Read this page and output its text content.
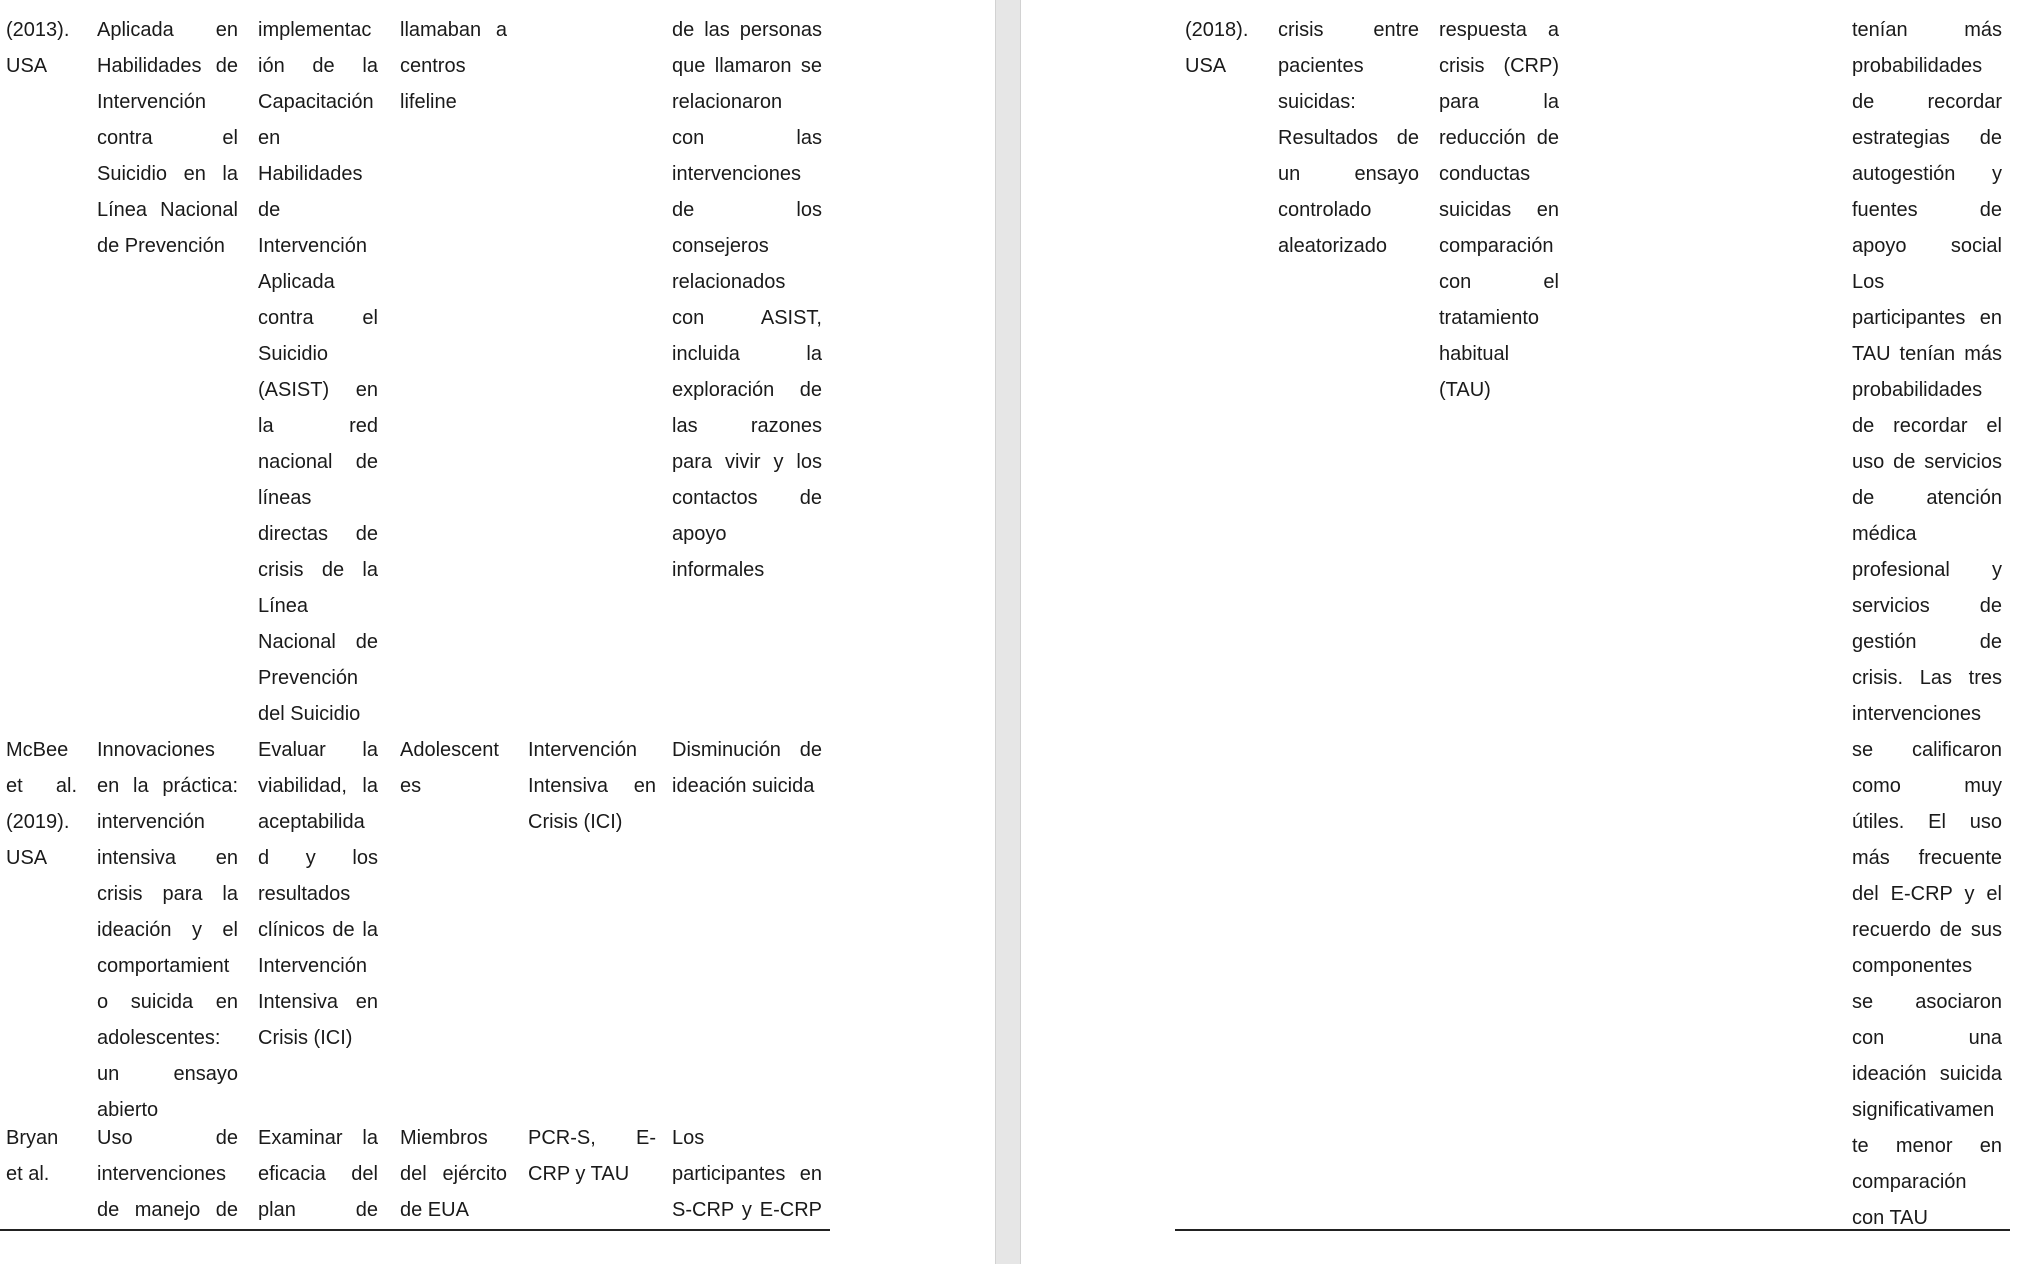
(2013).
USA
Aplicada en
Habilidades de
Intervención
contra el
Suicidio en la
Línea Nacional
de Prevención
implementac
ión de la
Capacitación
en
Habilidades
de
Intervención
Aplicada
contra el
Suicidio
(ASIST) en
la red
nacional de
líneas
directas de
crisis de la
Línea
Nacional de
Prevención
del Suicidio
llamaban a
centros
lifeline
de las personas
que llamaron se
relacionaron
con las
intervenciones
de los
consejeros
relacionados
con ASIST,
incluida la
exploración de
las razones
para vivir y los
contactos de
apoyo
informales
McBee
et al.
(2019).
USA
Innovaciones
en la práctica:
intervención
intensiva en
crisis para la
ideación y el
comportamient
o suicida en
adolescentes:
un ensayo
abierto
Evaluar la
viabilidad, la
aceptabilida
d y los
resultados
clínicos de la
Intervención
Intensiva en
Crisis (ICI)
Adolescent
es
Intervención
Intensiva en
Crisis (ICI)
Disminución de
ideación suicida
Bryan
et al.
Uso de
intervenciones
de manejo de
Examinar la
eficacia del
plan de
Miembros
del ejército
de EUA
PCR-S, E-
CRP y TAU
Los
participantes en
S-CRP y E-CRP
(2018).
USA
crisis entre
pacientes
suicidas:
Resultados de
un ensayo
controlado
aleatorizado
respuesta a
crisis (CRP)
para la
reducción de
conductas
suicidas en
comparación
con el
tratamiento
habitual
(TAU)
tenían más
probabilidades
de recordar
estrategias de
autogestión y
fuentes de
apoyo social
Los
participantes en
TAU tenían más
probabilidades
de recordar el
uso de servicios
de atención
médica
profesional y
servicios de
gestión de
crisis. Las tres
intervenciones
se calificaron
como muy
útiles. El uso
más frecuente
del E-CRP y el
recuerdo de sus
componentes
se asociaron
con una
ideación suicida
significativamen
te menor en
comparación
con TAU
